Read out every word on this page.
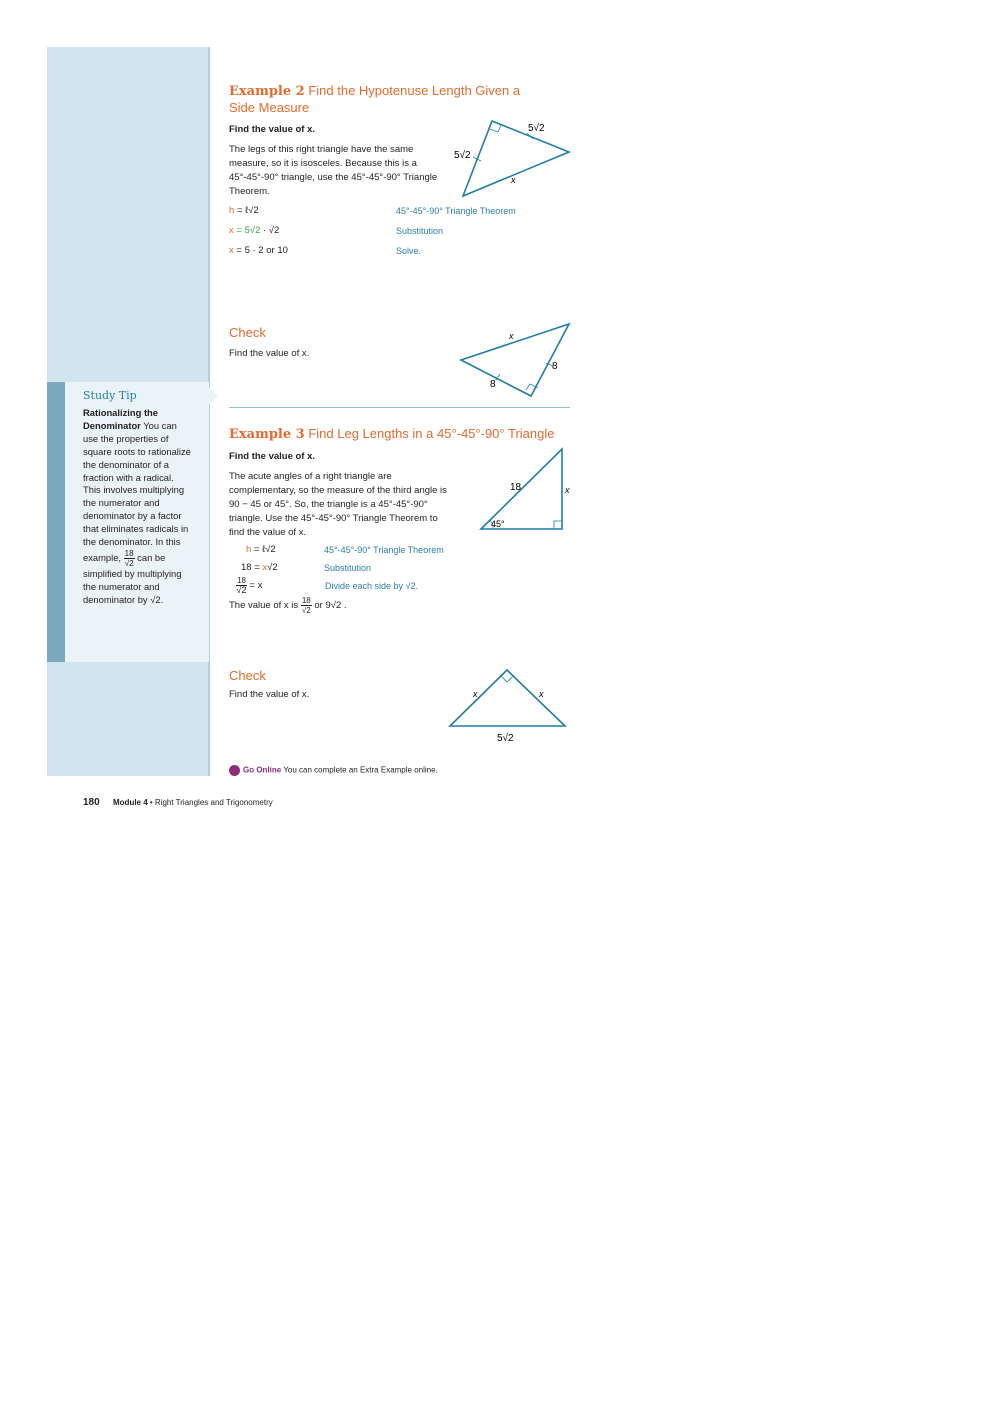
Study Tip
Rationalizing the Denominator You can use the properties of square roots to rationalize the denominator of a fraction with a radical. This involves multiplying the numerator and denominator by a factor that eliminates radicals in the denominator. In this example, $\frac{18}{√2}$ can be simplified by multiplying the numerator and denominator by √2.
Example 2 Find the Hypotenuse Length Given a Side Measure
Find the value of x.
The legs of this right triangle have the same measure, so it is isosceles. Because this is a 45°-45°-90° triangle, use the 45°-45°-90° Triangle Theorem.
h = ℓ√2	45°-45°-90° Triangle Theorem
x = 5√2 · √2	Substitution
x = 5 · 2 or 10	Solve.
5√2
5√2
x
Check
Find the value of x.
x
8
8
Example 3 Find Leg Lengths in a 45°-45°-90° Triangle
Find the value of x.
The acute angles of a right triangle are complementary, so the measure of the third angle is 90 − 45 or 45°. So, the triangle is a 45°-45°-90° triangle. Use the 45°-45°-90° Triangle Theorem to find the value of x.
h = ℓ√2	45°-45°-90° Triangle Theorem
18 = x√2	Substitution
$\frac{18}{√2} = x$	Divide each side by √2.
The value of x is $\frac{18}{√2}$ or 9√2 .
18	x
45°
Check
Find the value of x.	x	x
5√2
Go Online You can complete an Extra Example online.
180 Module 4 • Right Triangles and Trigonometry
